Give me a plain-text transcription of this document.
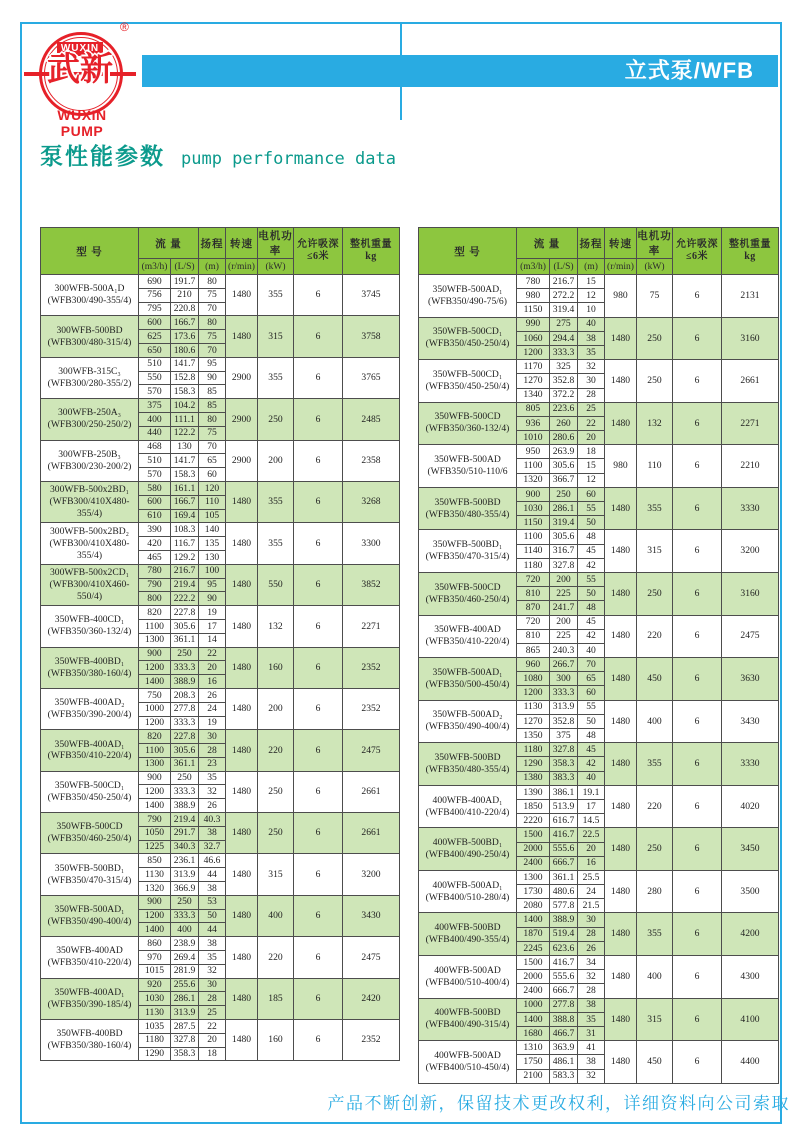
WUXIN
武新
®
WUXIN PUMP
立式泵/WFB
泵性能参数 pump performance data
型 号	流 量		扬程	转速	电机功率	允许吸深
≤6米	整机重量
kg

	(m3/h)	(L/S)	(m)	(r/min)	(kW)		

300WFB-500A₁D
(WFB300/490-355/4)	690	191.7	80	1480	355	6	3745
	756	210	75				
	795	220.8	70				

300WFB-500BD
(WFB300/480-315/4)	600	166.7	80	1480	315	6	3758
	625	173.6	75				
	650	180.6	70				

300WFB-315C₃
(WFB300/280-355/2)	510	141.7	95	2900	355	6	3765
	550	152.8	90				
	570	158.3	85				

300WFB-250A₃
(WFB300/250-250/2)	375	104.2	85	2900	250	6	2485
	400	111.1	80				
	440	122.2	75				

300WFB-250B₃
(WFB300/230-200/2)	468	130	70	2900	200	6	2358
	510	141.7	65				
	570	158.3	60				

300WFB-500x2BD₁
(WFB300/410X480-355/4)	580	161.1	120	1480	355	6	3268
	600	166.7	110				
	610	169.4	105				

300WFB-500x2BD₂
(WFB300/410X480-355/4)	390	108.3	140	1480	355	6	3300
	420	116.7	135				
	465	129.2	130				

300WFB-500x2CD₁
(WFB300/410X460-550/4)	780	216.7	100	1480	550	6	3852
	790	219.4	95				
	800	222.2	90				

350WFB-400CD₁
(WFB350/360-132/4)	820	227.8	19	1480	132	6	2271
	1100	305.6	17				
	1300	361.1	14				

350WFB-400BD₁
(WFB350/380-160/4)	900	250	22	1480	160	6	2352
	1200	333.3	20				
	1400	388.9	16				

350WFB-400AD₂
(WFB350/390-200/4)	750	208.3	26	1480	200	6	2352
	1000	277.8	24				
	1200	333.3	19				

350WFB-400AD₁
(WFB350/410-220/4)	820	227.8	30	1480	220	6	2475
	1100	305.6	28				
	1300	361.1	23				

350WFB-500CD₁
(WFB350/450-250/4)	900	250	35	1480	250	6	2661
	1200	333.3	32				
	1400	388.9	26				

350WFB-500CD
(WFB350/460-250/4)	790	219.4	40.3	1480	250	6	2661
	1050	291.7	38				
	1225	340.3	32.7				

350WFB-500BD₁
(WFB350/470-315/4)	850	236.1	46.6	1480	315	6	3200
	1130	313.9	44				
	1320	366.9	38				

350WFB-500AD₁
(WFB350/490-400/4)	900	250	53	1480	400	6	3430
	1200	333.3	50				
	1400	400	44				

350WFB-400AD
(WFB350/410-220/4)	860	238.9	38	1480	220	6	2475
	970	269.4	35				
	1015	281.9	32				

350WFB-400AD₁
(WFB350/390-185/4)	920	255.6	30	1480	185	6	2420
	1030	286.1	28				
	1130	313.9	25				

350WFB-400BD
(WFB350/380-160/4)	1035	287.5	22	1480	160	6	2352
	1180	327.8	20				
	1290	358.3	18				
型 号	流 量		扬程	转速	电机功率	允许吸深
≤6米	整机重量
kg

	(m3/h)	(L/S)	(m)	(r/min)	(kW)		

350WFB-500AD₁
(WFB350/490-75/6)	780	216.7	15	980	75	6	2131
	980	272.2	12				
	1150	319.4	10				

350WFB-500CD₁
(WFB350/450-250/4)	990	275	40	1480	250	6	3160
	1060	294.4	38				
	1200	333.3	35				

350WFB-500CD₁
(WFB350/450-250/4)	1170	325	32	1480	250	6	2661
	1270	352.8	30				
	1340	372.2	28				

350WFB-500CD
(WFB350/360-132/4)	805	223.6	25	1480	132	6	2271
	936	260	22				
	1010	280.6	20				

350WFB-500AD
(WFB350/510-110/6	950	263.9	18	980	110	6	2210
	1100	305.6	15				
	1320	366.7	12				

350WFB-500BD
(WFB350/480-355/4)	900	250	60	1480	355	6	3330
	1030	286.1	55				
	1150	319.4	50				

350WFB-500BD₁
(WFB350/470-315/4)	1100	305.6	48	1480	315	6	3200
	1140	316.7	45				
	1180	327.8	42				

350WFB-500CD
(WFB350/460-250/4)	720	200	55	1480	250	6	3160
	810	225	50				
	870	241.7	48				

350WFB-400AD
(WFB350/410-220/4)	720	200	45	1480	220	6	2475
	810	225	42				
	865	240.3	40				

350WFB-500AD₁
(WFB350/500-450/4)	960	266.7	70	1480	450	6	3630
	1080	300	65				
	1200	333.3	60				

350WFB-500AD₂
(WFB350/490-400/4)	1130	313.9	55	1480	400	6	3430
	1270	352.8	50				
	1350	375	48				

350WFB-500BD
(WFB350/480-355/4)	1180	327.8	45	1480	355	6	3330
	1290	358.3	42				
	1380	383.3	40				

400WFB-400AD₁
(WFB400/410-220/4)	1390	386.1	19.1	1480	220	6	4020
	1850	513.9	17				
	2220	616.7	14.5				

400WFB-500BD₁
(WFB400/490-250/4)	1500	416.7	22.5	1480	250	6	3450
	2000	555.6	20				
	2400	666.7	16				

400WFB-500AD₁
(WFB400/510-280/4)	1300	361.1	25.5	1480	280	6	3500
	1730	480.6	24				
	2080	577.8	21.5				

400WFB-500BD
(WFB400/490-355/4)	1400	388.9	30	1480	355	6	4200
	1870	519.4	28				
	2245	623.6	26				

400WFB-500AD
(WFB400/510-400/4)	1500	416.7	34	1480	400	6	4300
	2000	555.6	32				
	2400	666.7	28				

400WFB-500BD
(WFB400/490-315/4)	1000	277.8	38	1480	315	6	4100
	1400	388.8	35				
	1680	466.7	31				

400WFB-500AD
(WFB400/510-450/4)	1310	363.9	41	1480	450	6	4400
	1750	486.1	38				
	2100	583.3	32				
产品不断创新，保留技术更改权利，详细资料向公司索取
